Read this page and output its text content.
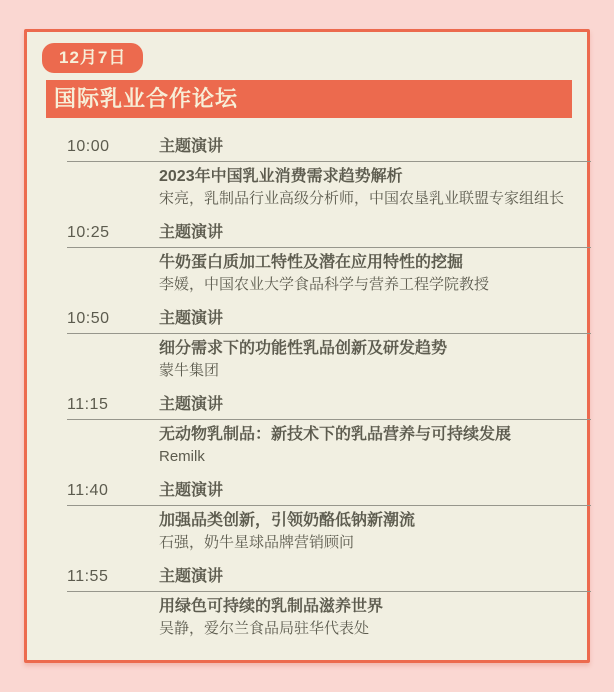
12月7日
国际乳业合作论坛
10:00	主题演讲
2023年中国乳业消费需求趋势解析
宋亮，乳制品行业高级分析师，中国农垦乳业联盟专家组组长
10:25	主题演讲
牛奶蛋白质加工特性及潜在应用特性的挖掘
李媛，中国农业大学食品科学与营养工程学院教授
10:50	主题演讲
细分需求下的功能性乳品创新及研发趋势
蒙牛集团
11:15	主题演讲
无动物乳制品：新技术下的乳品营养与可持续发展
Remilk
11:40	主题演讲
加强品类创新，引领奶酪低钠新潮流
石强，奶牛星球品牌营销顾问
11:55	主题演讲
用绿色可持续的乳制品滋养世界
吴静，爱尔兰食品局驻华代表处
